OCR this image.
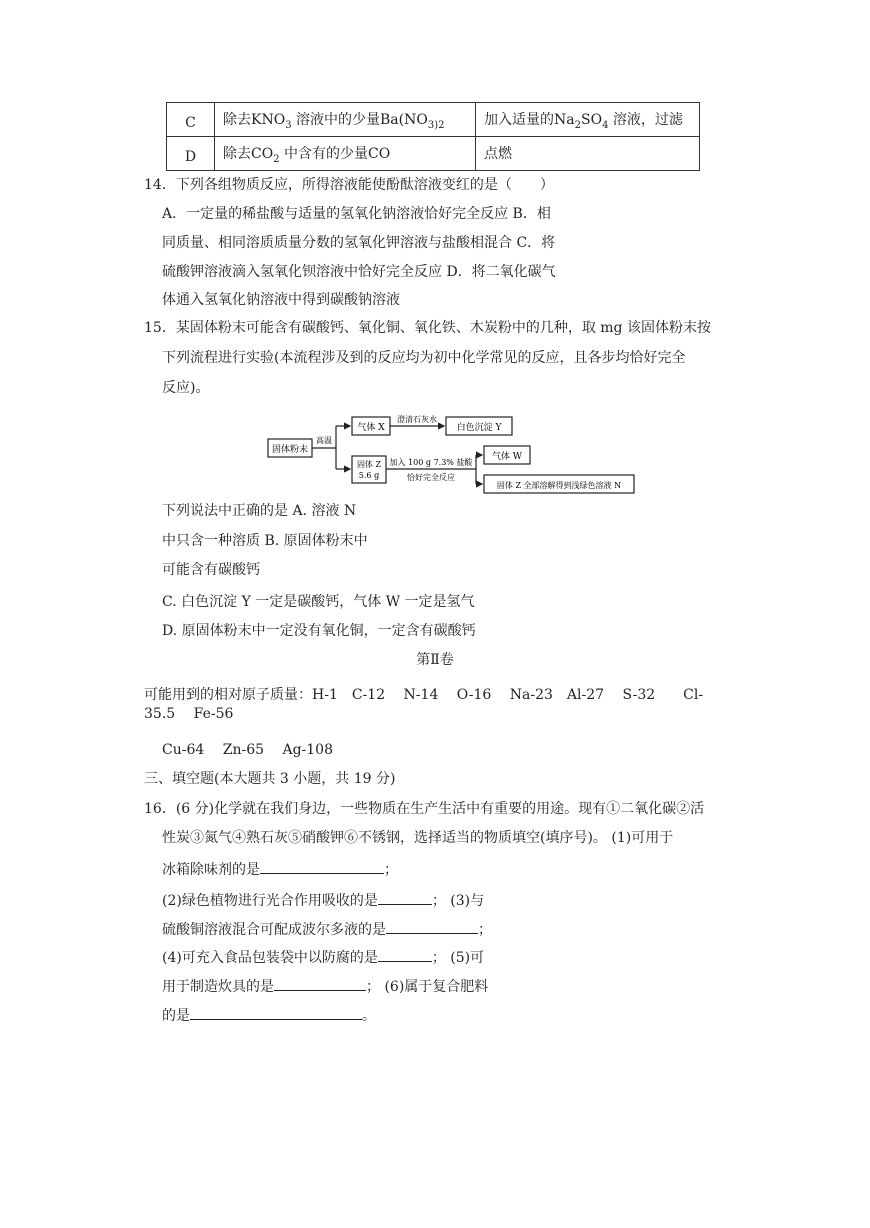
C	除去$KNO_3$ 溶液中的少量$Ba(NO_{3)2}$	加入适量的$Na_2SO_4$ 溶液，过滤
D	除去$CO_2$ 中含有的少量CO	点燃
14．下列各组物质反应，所得溶液能使酚酞溶液变红的是（　　）
A．一定量的稀盐酸与适量的氢氧化钠溶液恰好完全反应 B．相
同质量、相同溶质质量分数的氢氧化钾溶液与盐酸相混合 C．将
硫酸钾溶液滴入氢氧化钡溶液中恰好完全反应 D．将二氧化碳气
体通入氢氧化钠溶液中得到碳酸钠溶液
15．某固体粉末可能含有碳酸钙、氧化铜、氧化铁、木炭粉中的几种，取 mg 该固体粉末按
下列流程进行实验(本流程涉及到的反应均为初中化学常见的反应，且各步均恰好完全
反应)。
固体粉末
高温
气体 X
澄清石灰水
白色沉淀 Y
固体 Z
5.6 g
加入 100 g 7.3% 盐酸
恰好完全反应
气体 W
固体 Z 全部溶解得到浅绿色溶液 N
下列说法中正确的是 A. 溶液 N
中只含一种溶质 B. 原固体粉末中
可能含有碳酸钙
C. 白色沉淀 Y 一定是碳酸钙，气体 W 一定是氢气
D. 原固体粉末中一定没有氧化铜，一定含有碳酸钙
第Ⅱ卷
可能用到的相对原子质量：H-1　C-12　 N-14　 O-16　 Na-23　Al-27　 S-32　　Cl-
35.5　 Fe-56
Cu-64　 Zn-65　 Ag-108
三、填空题(本大题共 3 小题，共 19 分)
16．(6 分)化学就在我们身边，一些物质在生产生活中有重要的用途。现有①二氧化碳②活
性炭③氮气④熟石灰⑤硝酸钾⑥不锈钢，选择适当的物质填空(填序号)。 (1)可用于
冰箱除味剂的是	；
(2)绿色植物进行光合作用吸收的是	； (3)与
硫酸铜溶液混合可配成波尔多液的是	；
(4)可充入食品包装袋中以防腐的是	； (5)可
用于制造炊具的是	； (6)属于复合肥料
的是	。
